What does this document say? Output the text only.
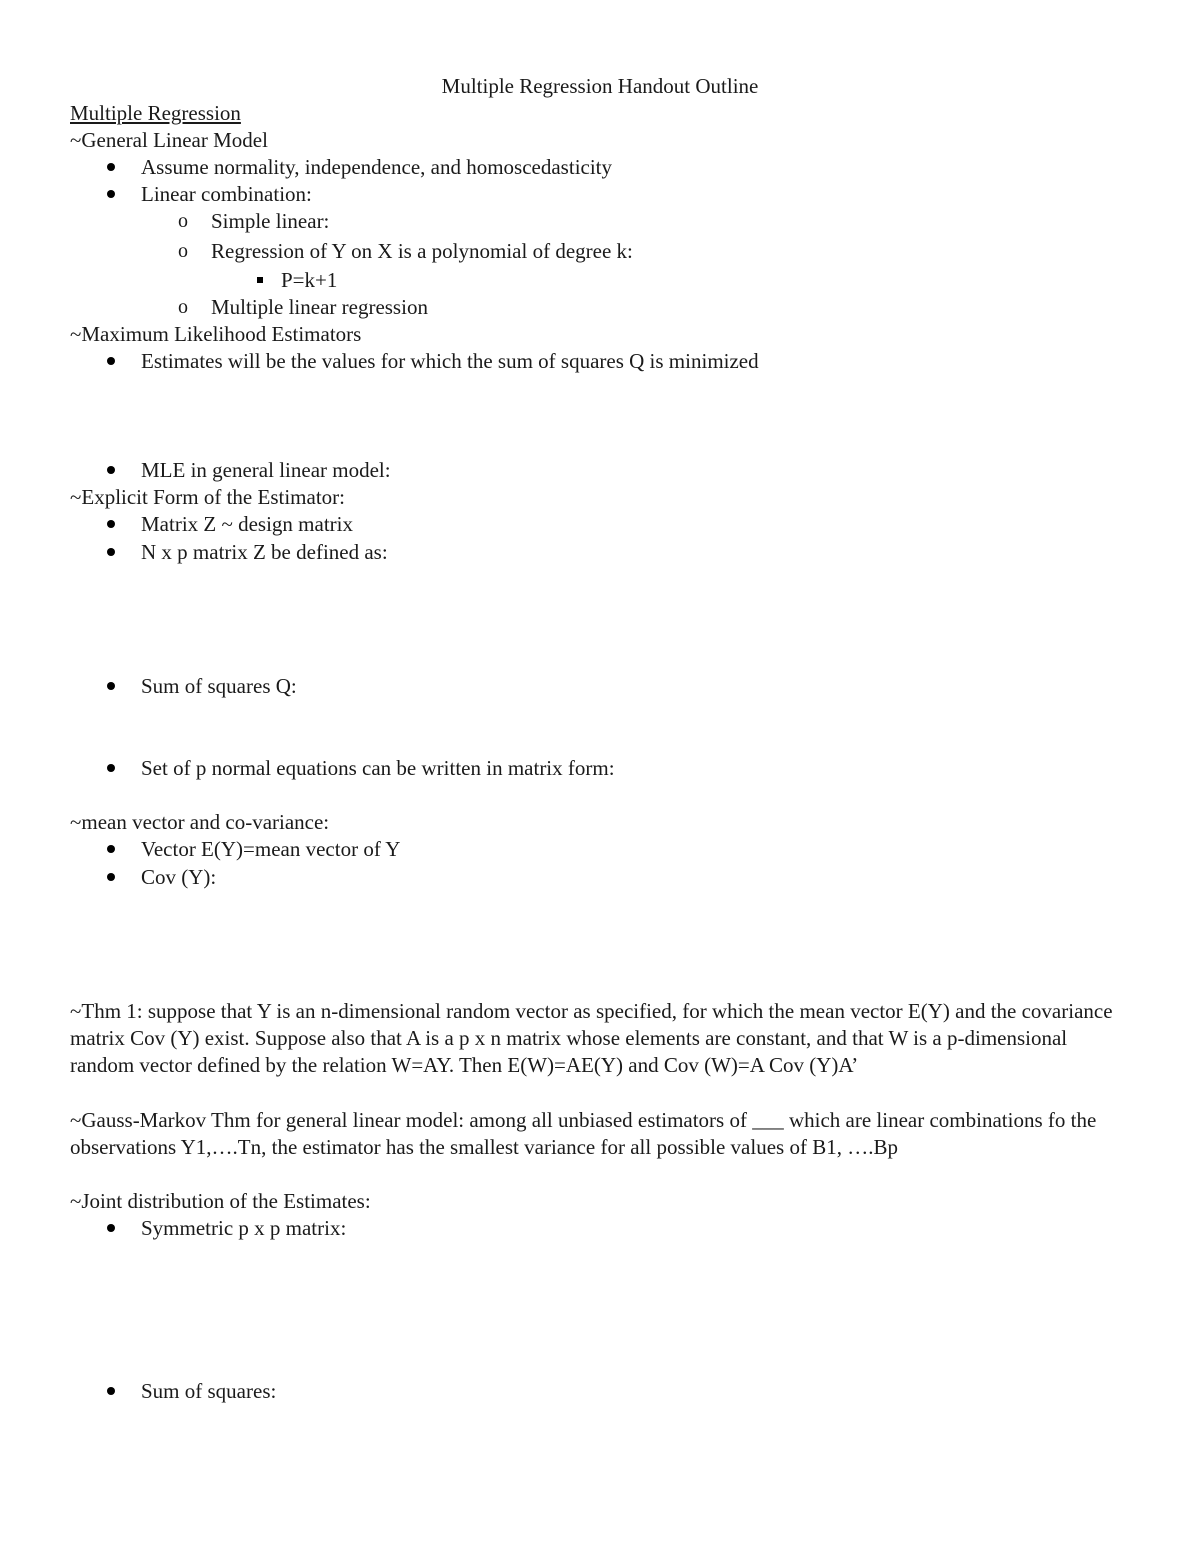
Multiple Regression Handout Outline
Multiple Regression
~General Linear Model
Assume normality, independence, and homoscedasticity
Linear combination:
o Simple linear:
o Regression of Y on X is a polynomial of degree k:
P=k+1
o Multiple linear regression
~Maximum Likelihood Estimators
Estimates will be the values for which the sum of squares Q is minimized
MLE in general linear model:
~Explicit Form of the Estimator:
Matrix Z ~ design matrix
N x p matrix Z be defined as:
Sum of squares Q:
Set of p normal equations can be written in matrix form:
~mean vector and co-variance:
Vector E(Y)=mean vector of Y
Cov (Y):
~Thm 1: suppose that Y is an n-dimensional random vector as specified, for which the mean vector E(Y) and the covariance matrix Cov (Y) exist. Suppose also that A is a p x n matrix whose elements are constant, and that W is a p-dimensional random vector defined by the relation W=AY. Then E(W)=AE(Y) and Cov (W)=A Cov (Y)A’
~Gauss-Markov Thm for general linear model: among all unbiased estimators of ___ which are linear combinations fo the observations Y1,….Tn, the estimator has the smallest variance for all possible values of B1, ….Bp
~Joint distribution of the Estimates:
Symmetric p x p matrix:
Sum of squares:
